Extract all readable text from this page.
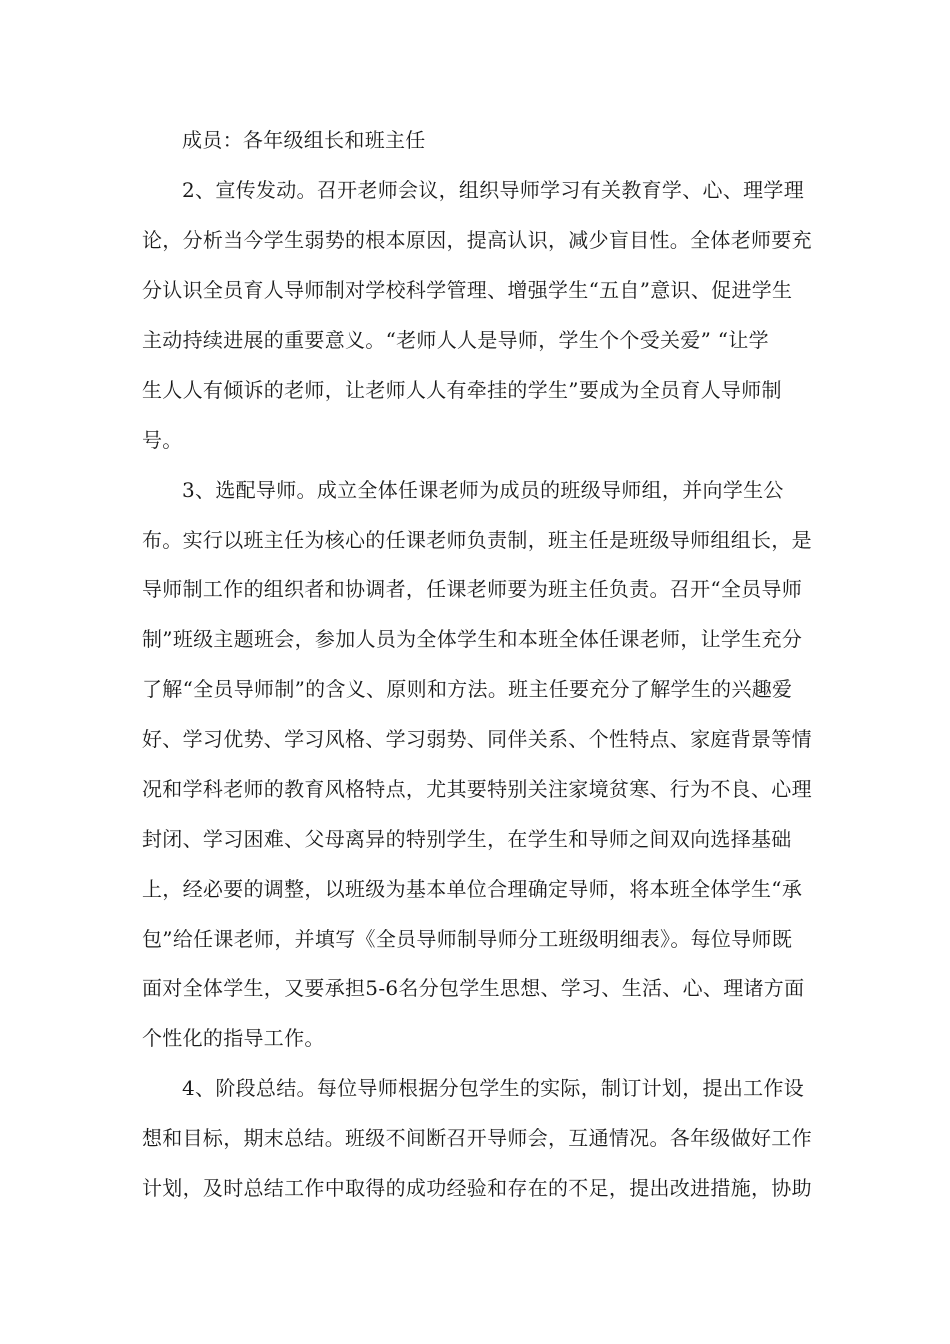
成员：各年级组长和班主任
2、宣传发动。召开老师会议，组织导师学习有关教育学、心、理学理
论，分析当今学生弱势的根本原因，提高认识，减少盲目性。全体老师要充
分认识全员育人导师制对学校科学管理、增强学生“五自”意识、促进学生
主动持续进展的重要意义。“老师人人是导师，学生个个受关爱” “让学
生人人有倾诉的老师，让老师人人有牵挂的学生”要成为全员育人导师制
号。
3、选配导师。成立全体任课老师为成员的班级导师组，并向学生公
布。实行以班主任为核心的任课老师负责制，班主任是班级导师组组长，是
导师制工作的组织者和协调者，任课老师要为班主任负责。召开“全员导师
制”班级主题班会，参加人员为全体学生和本班全体任课老师，让学生充分
了解“全员导师制”的含义、原则和方法。班主任要充分了解学生的兴趣爱
好、学习优势、学习风格、学习弱势、同伴关系、个性特点、家庭背景等情
况和学科老师的教育风格特点，尤其要特别关注家境贫寒、行为不良、心理
封闭、学习困难、父母离异的特别学生，在学生和导师之间双向选择基础
上，经必要的调整，以班级为基本单位合理确定导师，将本班全体学生“承
包”给任课老师，并填写《全员导师制导师分工班级明细表》。每位导师既
面对全体学生，又要承担5-6名分包学生思想、学习、生活、心、理诸方面
个性化的指导工作。
4、阶段总结。每位导师根据分包学生的实际，制订计划，提出工作设
想和目标，期末总结。班级不间断召开导师会，互通情况。各年级做好工作
计划，及时总结工作中取得的成功经验和存在的不足，提出改进措施，协助
